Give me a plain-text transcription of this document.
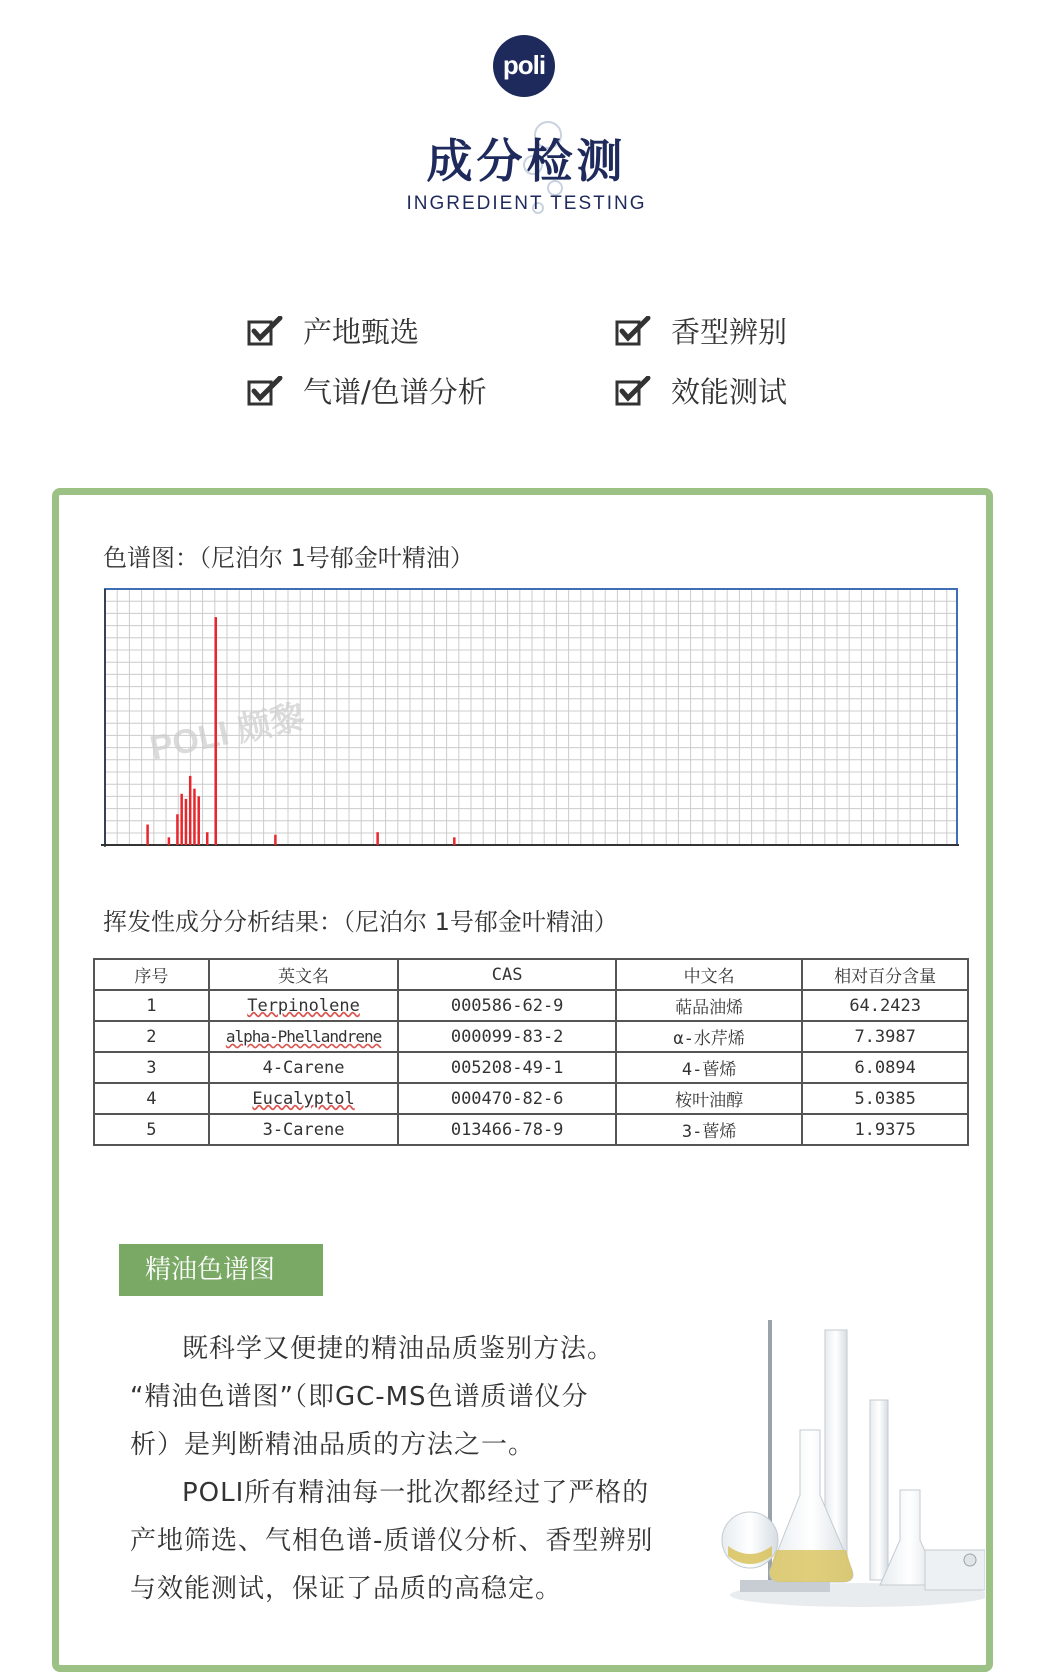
poli
成分检测
INGREDIENT TESTING
产地甄选	香型辨别
气谱/色谱分析	效能测试
色谱图：（尼泊尔 1号郁金叶精油）
POLI 颇黎
挥发性成分分析结果：（尼泊尔 1号郁金叶精油）
序号	英文名	CAS	中文名	相对百分含量
1	Terpinolene	000586-62-9	萜品油烯	64.2423
2	alpha-Phellandrene	000099-83-2	α-水芹烯	7.3987
3	4-Carene	005208-49-1	4-蒈烯	6.0894
4	Eucalyptol	000470-82-6	桉叶油醇	5.0385
5	3-Carene	013466-78-9	3-蒈烯	1.9375
精油色谱图

既科学又便捷的精油品质鉴别方法。

“精油色谱图”（即GC-MS色谱质谱仪分

析）是判断精油品质的方法之一。

POLI所有精油每一批次都经过了严格的

产地筛选、气相色谱-质谱仪分析、香型辨别

与效能测试，保证了品质的高稳定。
